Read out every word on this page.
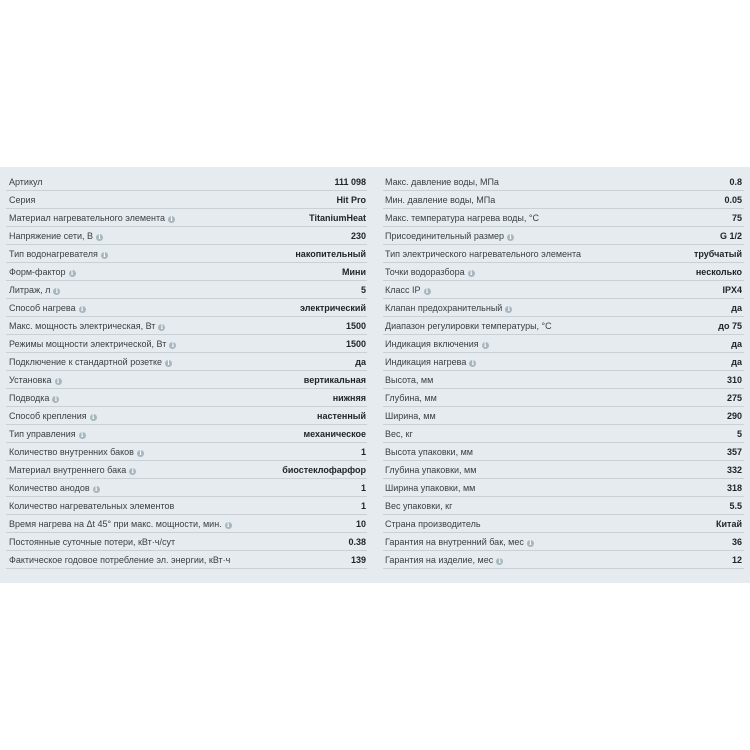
Артикул	111 098
Серия	Hit Pro
Материал нагревательного элемента i	TitaniumHeat
Напряжение сети, В i	230
Тип водонагревателя i	накопительный
Форм-фактор i	Мини
Литраж, л i	5
Способ нагрева i	электрический
Макс. мощность электрическая, Вт i	1500
Режимы мощности электрической, Вт i	1500
Подключение к стандартной розетке i	да
Установка i	вертикальная
Подводка i	нижняя
Способ крепления i	настенный
Тип управления i	механическое
Количество внутренних баков i	1
Материал внутреннего бака i	биостеклофарфор
Количество анодов i	1
Количество нагревательных элементов	1
Время нагрева на Δt 45° при макс. мощности, мин. i	10
Постоянные суточные потери, кВт·ч/сут	0.38
Фактическое годовое потребление эл. энергии, кВт·ч	139
Макс. давление воды, МПа	0.8
Мин. давление воды, МПа	0.05
Макс. температура нагрева воды, °С	75
Присоединительный размер i	G 1/2
Тип электрического нагревательного элемента	трубчатый
Точки водоразбора i	несколько
Класс IP i	IPX4
Клапан предохранительный i	да
Диапазон регулировки температуры, °С	до 75
Индикация включения i	да
Индикация нагрева i	да
Высота, мм	310
Глубина, мм	275
Ширина, мм	290
Вес, кг	5
Высота упаковки, мм	357
Глубина упаковки, мм	332
Ширина упаковки, мм	318
Вес упаковки, кг	5.5
Страна производитель	Китай
Гарантия на внутренний бак, мес i	36
Гарантия на изделие, мес i	12
